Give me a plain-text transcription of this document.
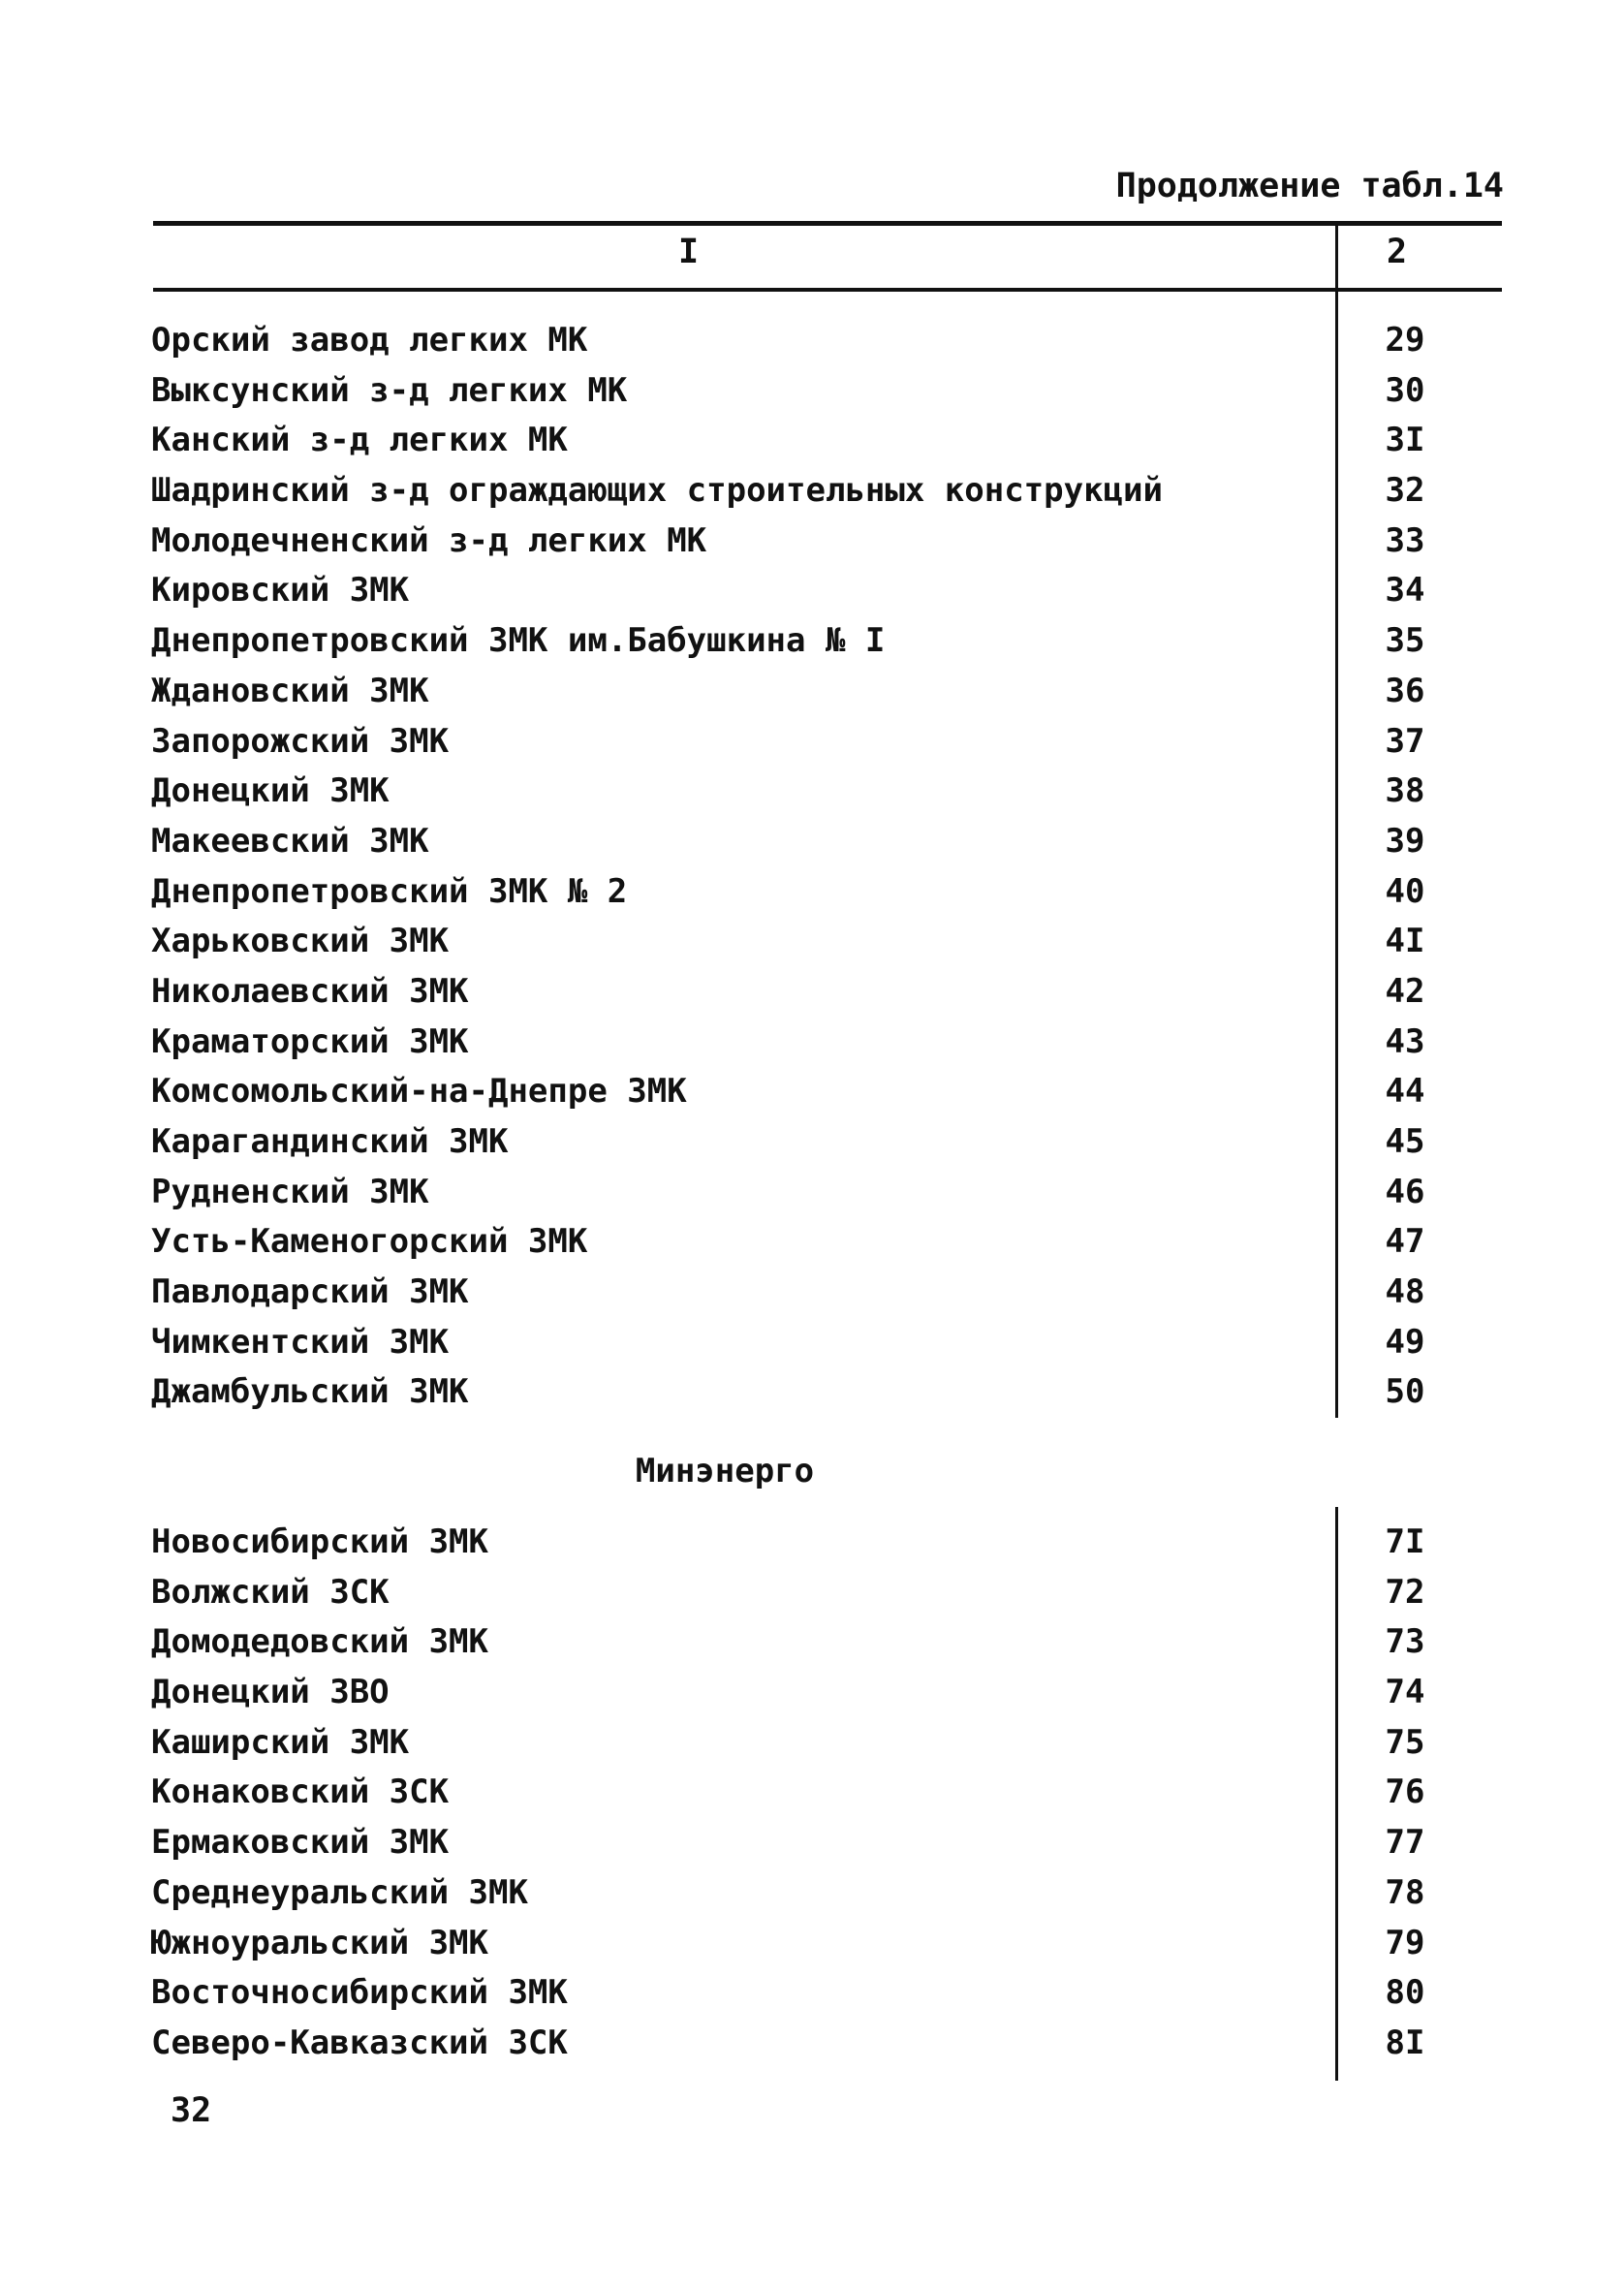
Продолжение табл.14
I	2
Орский завод легких МК	29
Выксунский з-д легких МК	30
Канский з-д легких МК	3I
Шадринский з-д ограждающих строительных конструкций	32
Молодечненский з-д легких МК	33
Кировский ЗМК	34
Днепропетровский ЗМК им.Бабушкина № I	35
Ждановский ЗМК	36
Запорожский ЗМК	37
Донецкий ЗМК	38
Макеевский ЗМК	39
Днепропетровский ЗМК № 2	40
Харьковский ЗМК	4I
Николаевский ЗМК	42
Краматорский ЗМК	43
Комсомольский-на-Днепре ЗМК	44
Карагандинский ЗМК	45
Рудненский ЗМК	46
Усть-Каменогорский ЗМК	47
Павлодарский ЗМК	48
Чимкентский ЗМК	49
Джамбульский ЗМК	50
Минэнерго
Новосибирский ЗМК	7I
Волжский ЗСК	72
Домодедовский ЗМК	73
Донецкий ЗВО	74
Каширский ЗМК	75
Конаковский ЗСК	76
Ермаковский ЗМК	77
Среднеуральский ЗМК	78
Южноуральский ЗМК	79
Восточносибирский ЗМК	80
Северо-Кавказский ЗСК	8I
32
